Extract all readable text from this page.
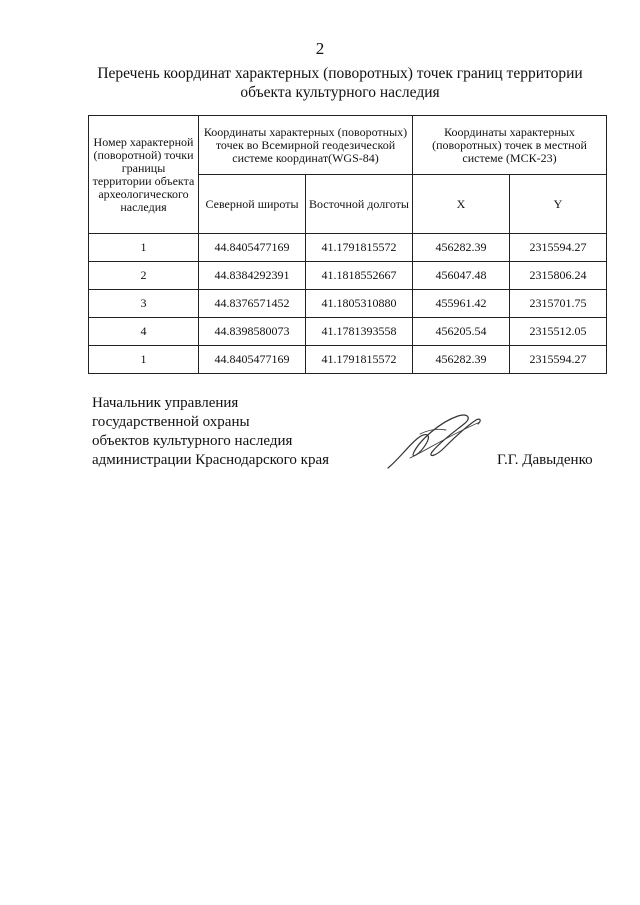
2
Перечень координат характерных (поворотных) точек границ территории
объекта культурного наследия
Номер характерной (поворотной) точки границы территории объекта археологического наследия	Координаты характерных (поворотных) точек во Всемирной геодезической системе координат(WGS-84)		Координаты характерных (поворотных) точек в местной системе (МСК-23)	
	Северной широты	Восточной долготы	X	Y
1	44.8405477169	41.1791815572	456282.39	2315594.27
2	44.8384292391	41.1818552667	456047.48	2315806.24
3	44.8376571452	41.1805310880	455961.42	2315701.75
4	44.8398580073	41.1781393558	456205.54	2315512.05
1	44.8405477169	41.1791815572	456282.39	2315594.27
Начальник управления
государственной охраны
объектов культурного наследия
администрации Краснодарского края	Г.Г. Давыденко
